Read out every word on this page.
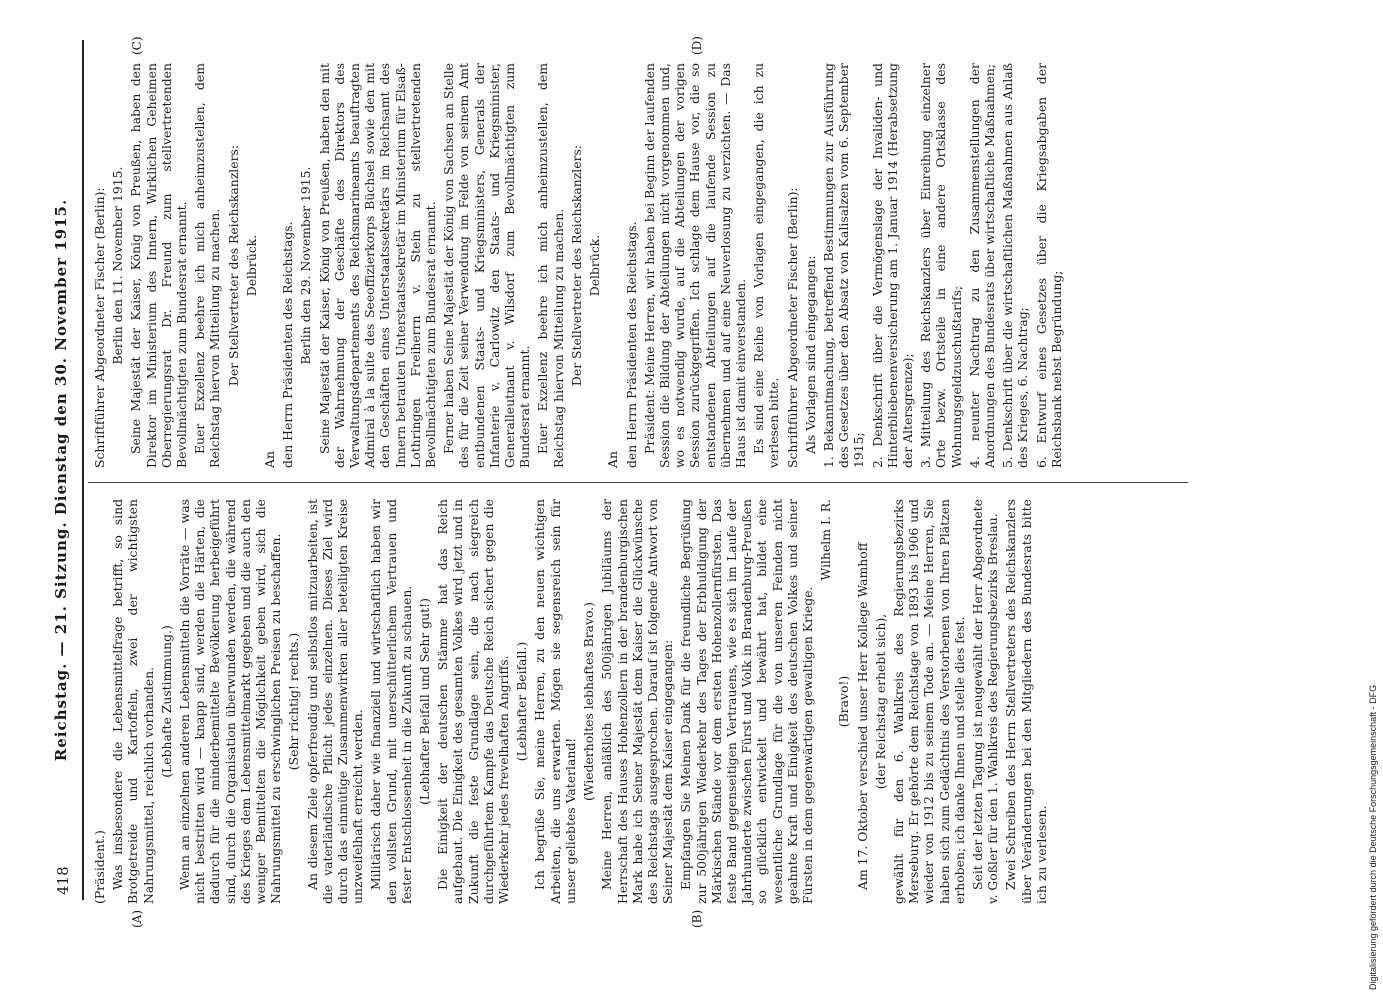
418
Reichstag. — 21. Sitzung. Dienstag den 30. November 1915.
(A)	(B)
(C)	(D)

(Präsident.) Was insbesondere die Lebensmittelfrage betrifft, so sind Brotgetreide und Kartoffeln, zwei der wichtigsten Nahrungsmittel, reichlich vorhanden. (Lebhafte Zustimmung.) Wenn an einzelnen anderen Lebensmitteln die Vorräte — was nicht bestritten wird — knapp sind, werden die Härten, die dadurch für die minderbemittelte Bevölkerung herbeigeführt sind, durch die Organisation überwunden werden, die während des Krieges dem Lebensmittelmarkt gegeben und die auch den weniger Bemittelten die Möglichkeit geben wird, sich die Nahrungsmittel zu erschwinglichen Preisen zu beschaffen. (Sehr richtig! rechts.) An diesem Ziele opferfreudig und selbstlos mitzuarbeiten, ist die vaterländische Pflicht jedes einzelnen. Dieses Ziel wird durch das einmütige Zusammenwirken aller beteiligten Kreise unzweifelhaft erreicht werden. Militärisch daher wie finanziell und wirtschaftlich haben wir den vollsten Grund, mit unerschütterlichem Vertrauen und fester Entschlossenheit in die Zukunft zu schauen. (Lebhafter Beifall und Sehr gut!) Die Einigkeit der deutschen Stämme hat das Reich aufgebaut. Die Einigkeit des gesamten Volkes wird jetzt und in Zukunft die feste Grundlage sein, die nach siegreich durchgeführtem Kampfe das Deutsche Reich sichert gegen die Wiederkehr jedes frevelhaften Angriffs. (Lebhafter Beifall.) Ich begrüße Sie, meine Herren, zu den neuen wichtigen Arbeiten, die uns erwarten. Mögen sie segensreich sein für unser geliebtes Vaterland!

(Wiederholtes lebhaftes Bravo.) Meine Herren, anläßlich des 500jährigen Jubiläums der Herrschaft des Hauses Hohenzollern in der brandenburgischen Mark habe ich Seiner Majestät dem Kaiser die Glückwünsche des Reichstags ausgesprochen. Darauf ist folgende Antwort von Seiner Majestät dem Kaiser eingegangen: Empfangen Sie Meinen Dank für die freundliche Begrüßung zur 500jährigen Wiederkehr des Tages der Erbhuldigung der Märkischen Stände vor dem ersten Hohenzollernfürsten. Das feste Band gegenseitigen Vertrauens, wie es sich im Laufe der Jahrhunderte zwischen Fürst und Volk in Brandenburg-Preußen so glücklich entwickelt und bewährt hat, bildet eine wesentliche Grundlage für die von unseren Feinden nicht geahnte Kraft und Einigkeit des deutschen Volkes und seiner Fürsten in dem gegenwärtigen gewaltigen Kriege.

Wilhelm I. R.

(Bravo!) Am 17. Oktober verschied unser Herr Kollege Wamhoff (der Reichstag erhebt sich), gewählt für den 6. Wahlkreis des Regierungsbezirks Merseburg. Er gehörte dem Reichstage von 1893 bis 1906 und wieder von 1912 bis zu seinem Tode an. — Meine Herren, Sie haben sich zum Gedächtnis des Verstorbenen von Ihren Plätzen erhoben; ich danke Ihnen und stelle dies fest. Seit der letzten Tagung ist neugewählt der Herr Abgeordnete v. Goßler für den 1. Wahlkreis des Regierungsbezirks Breslau. Zwei Schreiben des Herrn Stellvertreters des Reichskanzlers über Veränderungen bei den Mitgliedern des Bundesrats bitte ich zu verlesen.

Schriftführer Abgeordneter Fischer (Berlin): Berlin den 11. November 1915. Seine Majestät der Kaiser, König von Preußen, haben den Direktor im Ministerium des Innern, Wirklichen Geheimen Oberregierungsrat Dr. Freund zum stellvertretenden Bevollmächtigten zum Bundesrat ernannt. Euer Exzellenz beehre ich mich anheimzustellen, dem Reichstag hiervon Mitteilung zu machen. Der Stellvertreter des Reichskanzlers: Delbrück.

An den Herrn Präsidenten des Reichstags. Berlin den 29. November 1915. Seine Majestät der Kaiser, König von Preußen, haben den mit der Wahrnehmung der Geschäfte des Direktors des Verwaltungsdepartements des Reichsmarineamts beauftragten Admiral à la suite des Seeoffizierkorps Büchsel sowie den mit den Geschäften eines Unterstaatssekretärs im Reichsamt des Innern betrauten Unterstaatssekretär im Ministerium für Elsaß-Lothringen Freiherrn v. Stein zu stellvertretenden Bevollmächtigten zum Bundesrat ernannt. Ferner haben Seine Majestät der König von Sachsen an Stelle des für die Zeit seiner Verwendung im Felde von seinem Amt entbundenen Staats- und Kriegsministers, Generals der Infanterie v. Carlowitz den Staats- und Kriegsminister, Generalleutnant v. Wilsdorf zum Bevollmächtigten zum Bundesrat ernannt. Euer Exzellenz beehre ich mich anheimzustellen, dem Reichstag hiervon Mitteilung zu machen. Der Stellvertreter des Reichskanzlers: Delbrück.

An den Herrn Präsidenten des Reichstags. Präsident: Meine Herren, wir haben bei Beginn der laufenden Session die Bildung der Abteilungen nicht vorgenommen und, wo es notwendig wurde, auf die Abteilungen der vorigen Session zurückgegriffen. Ich schlage dem Hause vor, die so entstandenen Abteilungen auf die laufende Session zu übernehmen und auf eine Neuverlosung zu verzichten. — Das Haus ist damit einverstanden. Es sind eine Reihe von Vorlagen eingegangen, die ich zu verlesen bitte. Schriftführer Abgeordneter Fischer (Berlin): Als Vorlagen sind eingegangen: 1. Bekanntmachung, betreffend Bestimmungen zur Ausführung des Gesetzes über den Absatz von Kalisalzen vom 6. September 1915; 2. Denkschrift über die Vermögenslage der Invaliden- und Hinterbliebenenversicherung am 1. Januar 1914 (Herabsetzung der Altersgrenze); 3. Mitteilung des Reichskanzlers über Einreihung einzelner Orte bezw. Ortsteile in eine andere Ortsklasse des Wohnungsgeldzuschußtarifs; 4. neunter Nachtrag zu den Zusammenstellungen der Anordnungen des Bundesrats über wirtschaftliche Maßnahmen; 5. Denkschrift über die wirtschaftlichen Maßnahmen aus Anlaß des Krieges, 6. Nachtrag; 6. Entwurf eines Gesetzes über die Kriegsabgaben der Reichsbank nebst Begründung;

Digitalisierung gefördert durch die Deutsche Forschungsgemeinschaft - DFG
